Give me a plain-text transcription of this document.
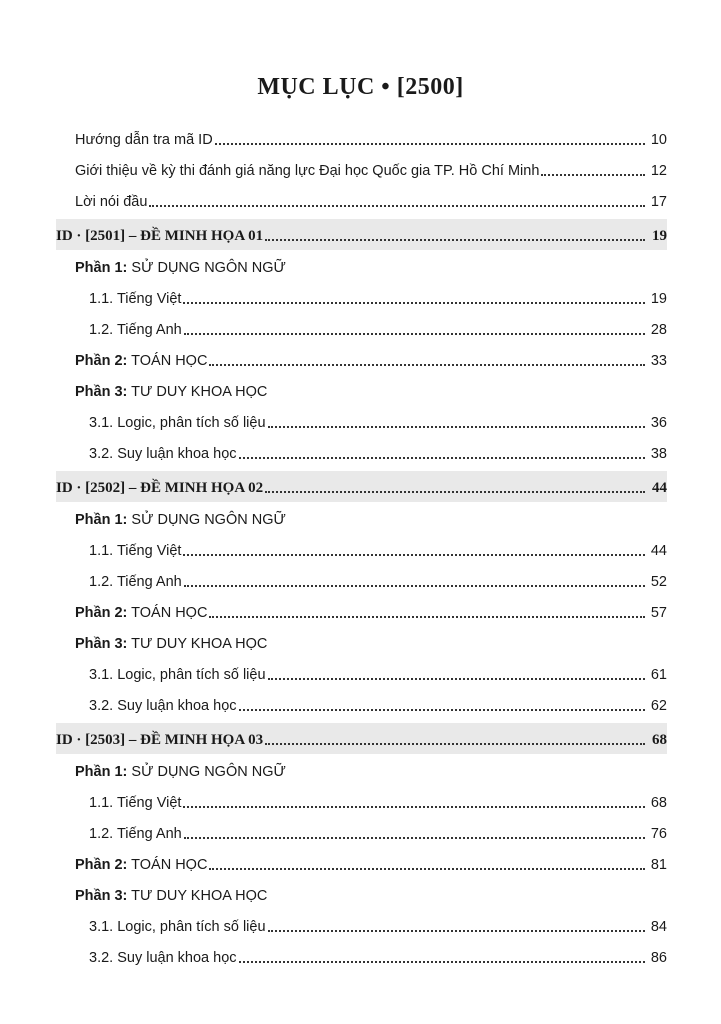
MỤC LỤC • [2500]
Hướng dẫn tra mã ID	10
Giới thiệu về kỳ thi đánh giá năng lực Đại học Quốc gia TP. Hồ Chí Minh	12
Lời nói đầu	17
ID · [2501] – ĐỀ MINH HỌA 01	19
Phần 1: SỬ DỤNG NGÔN NGỮ
1.1. Tiếng Việt	19
1.2. Tiếng Anh	28
Phần 2: TOÁN HỌC	33
Phần 3: TƯ DUY KHOA HỌC
3.1. Logic, phân tích số liệu	36
3.2. Suy luận khoa học	38
ID · [2502] – ĐỀ MINH HỌA 02	44
Phần 1: SỬ DỤNG NGÔN NGỮ
1.1. Tiếng Việt	44
1.2. Tiếng Anh	52
Phần 2: TOÁN HỌC	57
Phần 3: TƯ DUY KHOA HỌC
3.1. Logic, phân tích số liệu	61
3.2. Suy luận khoa học	62
ID · [2503] – ĐỀ MINH HỌA 03	68
Phần 1: SỬ DỤNG NGÔN NGỮ
1.1. Tiếng Việt	68
1.2. Tiếng Anh	76
Phần 2: TOÁN HỌC	81
Phần 3: TƯ DUY KHOA HỌC
3.1. Logic, phân tích số liệu	84
3.2. Suy luận khoa học	86
